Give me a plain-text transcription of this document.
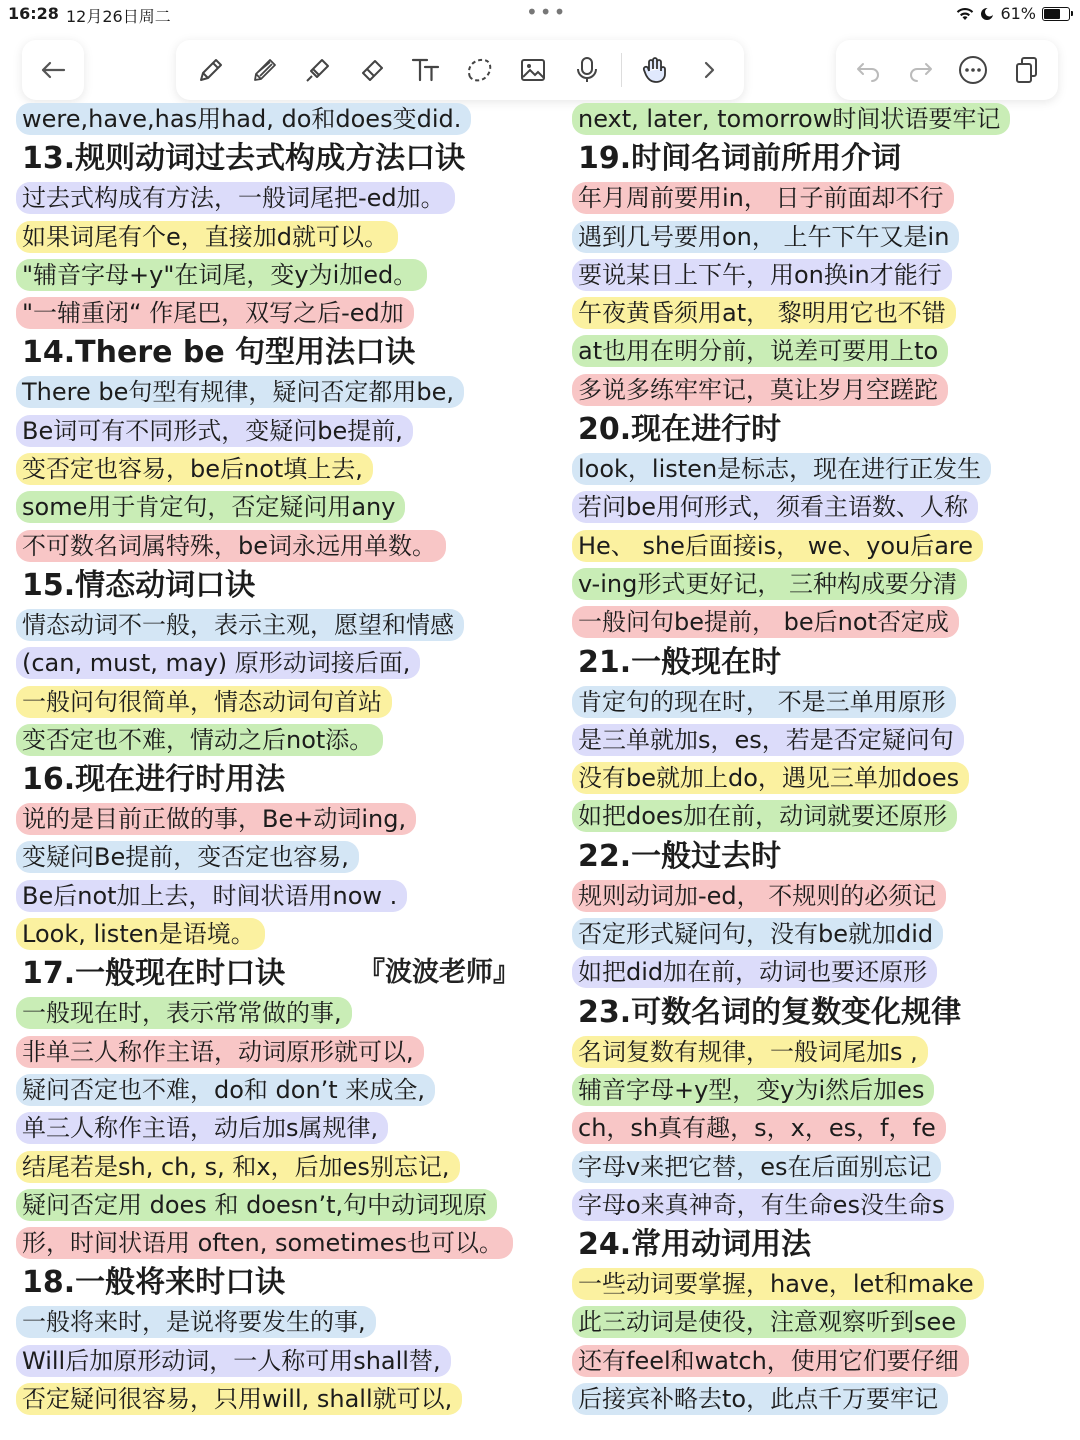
16:28 12月26日周二	•••	61%
were,have,has用had, do和does变did.
13.规则动词过去式构成方法口诀
过去式构成有方法，一般词尾把-ed加。
如果词尾有个e，直接加d就可以。
"辅音字母+y"在词尾，变y为i加ed。
"一辅重闭“ 作尾巴，双写之后-ed加
14.There be 句型用法口诀
There be句型有规律，疑问否定都用be,
Be词可有不同形式，变疑问be提前,
变否定也容易，be后not填上去,
some用于肯定句，否定疑问用any
不可数名词属特殊，be词永远用单数。
15.情态动词口诀
情态动词不一般，表示主观，愿望和情感
(can, must, may) 原形动词接后面,
一般问句很简单，情态动词句首站
变否定也不难，情动之后not添。
16.现在进行时用法
说的是目前正做的事，Be+动词ing,
变疑问Be提前，变否定也容易,
Be后not加上去，时间状语用now .
Look, listen是语境。
17.一般现在时口诀
一般现在时，表示常常做的事,
非单三人称作主语，动词原形就可以,
疑问否定也不难，do和 don’t 来成全,
单三人称作主语，动后加s属规律,
结尾若是sh, ch, s, 和x，后加es别忘记,
疑问否定用 does 和 doesn’t,句中动词现原
形，时间状语用 often, sometimes也可以。
18.一般将来时口诀
一般将来时，是说将要发生的事,
Will后加原形动词，一人称可用shall替,
否定疑问很容易，只用will, shall就可以,
next, later, tomorrow时间状语要牢记
19.时间名词前所用介词
年月周前要用in， 日子前面却不行
遇到几号要用on， 上午下午又是in
要说某日上下午，用on换in才能行
午夜黄昏须用at， 黎明用它也不错
at也用在明分前，说差可要用上to
多说多练牢牢记，莫让岁月空蹉跎
20.现在进行时
look，listen是标志，现在进行正发生
若问be用何形式，须看主语数、人称
He、 she后面接is， we、you后are
v-ing形式更好记， 三种构成要分清
一般问句be提前， be后not否定成
21.一般现在时
肯定句的现在时， 不是三单用原形
是三单就加s，es，若是否定疑问句
没有be就加上do，遇见三单加does
如把does加在前，动词就要还原形
22.一般过去时
规则动词加-ed， 不规则的必须记
否定形式疑问句，没有be就加did
如把did加在前，动词也要还原形
23.可数名词的复数变化规律
名词复数有规律，一般词尾加s ,
辅音字母+y型，变y为i然后加es
ch，sh真有趣，s，x，es，f，fe
字母v来把它替，es在后面别忘记
字母o来真神奇，有生命es没生命s
24.常用动词用法
一些动词要掌握，have，let和make
此三动词是使役，注意观察听到see
还有feel和watch，使用它们要仔细
后接宾补略去to，此点千万要牢记
『波波老师』
